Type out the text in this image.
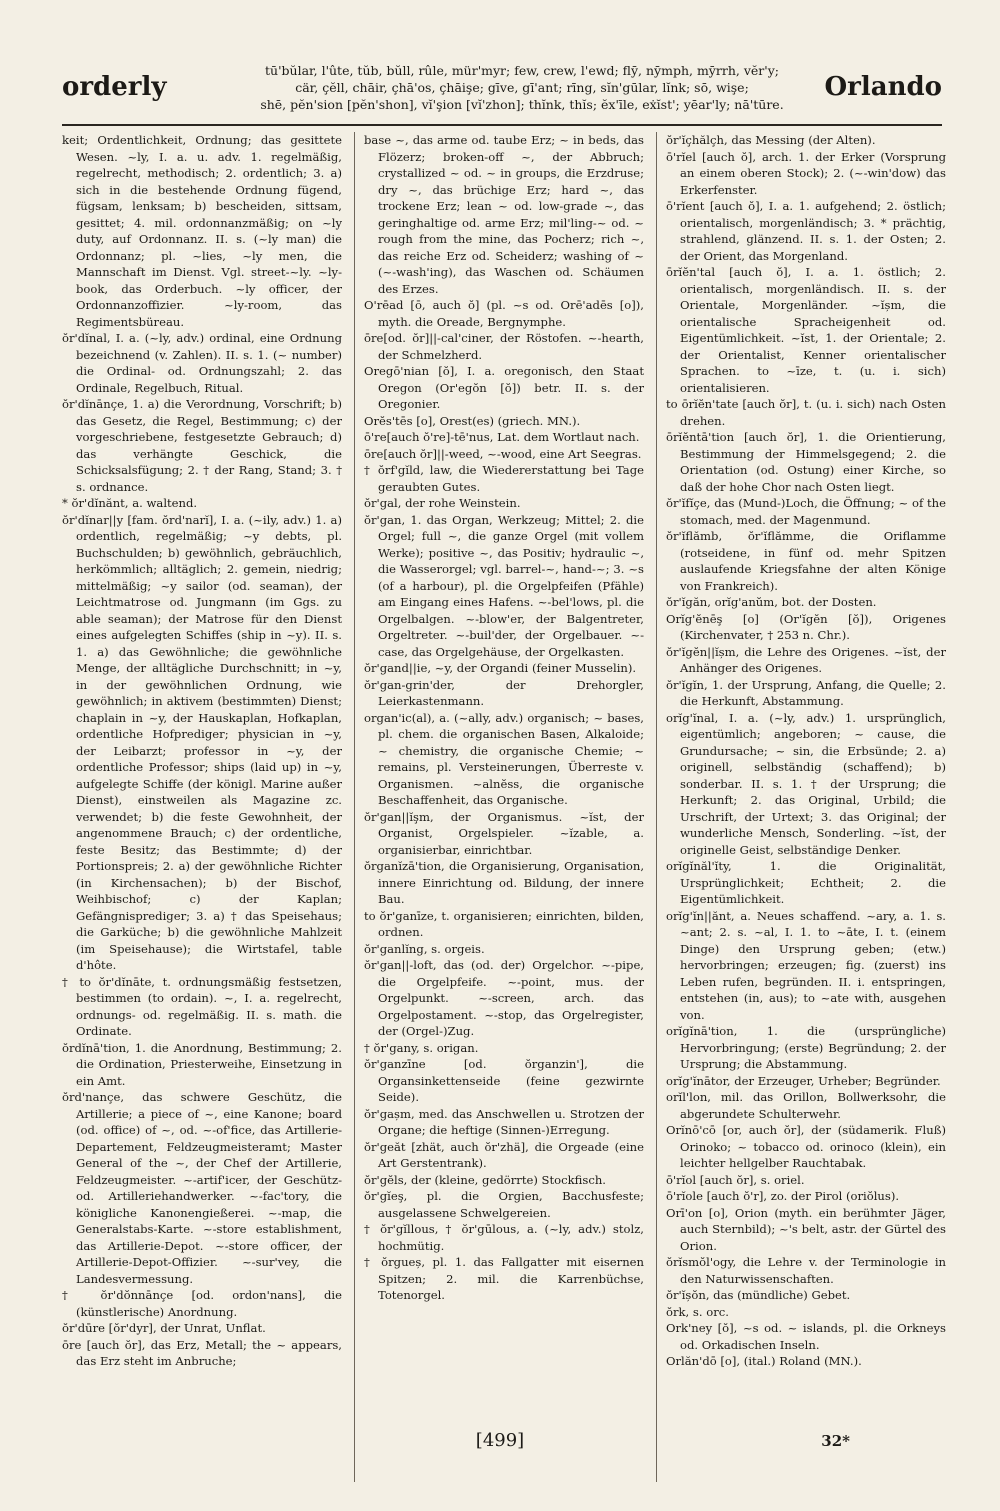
orderly
tū'bŭlar, l'ûte, tŭb, bŭll, rûle, mür'myr; few, crew, l'ewd; flȳ, nȳmph, mȳrrh, vĕr'y;
cär, çĕll, chāir, çhā'os, çhāişe; gīve, gī'ant; rīng, sĭn'gūlar, lĭnk; sō, wişe;
shē, pĕn'sion [pĕn'shon], vĭ'şion [vĭ'zhon]; thĭnk, thĭs; ĕx'īle, eẋĭst'; yēar'ly; nā'tūre.
Orlando

keit; Ordentlichkeit, Ordnung; das gesittete Wesen. ~ly, I. a. u. adv. 1. regelmäßig, regelrecht, methodisch; 2. ordentlich; 3. a) sich in die bestehende Ordnung fügend, fügsam, lenksam; b) bescheiden, sittsam, gesittet; 4. mil. ordonnanzmäßig; on ~ly duty, auf Ordonnanz. II. s. (~ly man) die Ordonnanz; pl. ~lies, ~ly men, die Mannschaft im Dienst. Vgl. street-~ly. ~ly-book, das Orderbuch. ~ly officer, der Ordonnanzoffizier. ~ly-room, das Regimentsbüreau.

ŏr'dĭnal, I. a. (~ly, adv.) ordinal, eine Ordnung bezeichnend (v. Zahlen). II. s. 1. (~ number) die Ordinal- od. Ordnungszahl; 2. das Ordinale, Regelbuch, Ritual.

ŏr'dĭnānçe, 1. a) die Verordnung, Vorschrift; b) das Gesetz, die Regel, Bestimmung; c) der vorgeschriebene, festgesetzte Gebrauch; d) das verhängte Geschick, die Schicksalsfügung; 2. † der Rang, Stand; 3. † s. ordnance.

* ŏr'dĭnănt, a. waltend.

ŏr'dĭnar||y [fam. ŏrd'narĭ], I. a. (~ily, adv.) 1. a) ordentlich, regelmäßig; ~y debts, pl. Buchschulden; b) gewöhnlich, gebräuchlich, herkömmlich; alltäglich; 2. gemein, niedrig; mittelmäßig; ~y sailor (od. seaman), der Leichtmatrose od. Jungmann (im Ggs. zu able seaman); der Matrose für den Dienst eines aufgelegten Schiffes (ship in ~y). II. s. 1. a) das Gewöhnliche; die gewöhnliche Menge, der alltägliche Durchschnitt; in ~y, in der gewöhnlichen Ordnung, wie gewöhnlich; in aktivem (bestimmten) Dienst; chaplain in ~y, der Hauskaplan, Hofkaplan, ordentliche Hofprediger; physician in ~y, der Leibarzt; professor in ~y, der ordentliche Professor; ships (laid up) in ~y, aufgelegte Schiffe (der königl. Marine außer Dienst), einstweilen als Magazine zc. verwendet; b) die feste Gewohnheit, der angenommene Brauch; c) der ordentliche, feste Besitz; das Bestimmte; d) der Portionspreis; 2. a) der gewöhnliche Richter (in Kirchensachen); b) der Bischof, Weihbischof; c) der Kaplan; Gefängnisprediger; 3. a) † das Speisehaus; die Garküche; b) die gewöhnliche Mahlzeit (im Speisehause); die Wirtstafel, table d'hôte.

† to ŏr'dĭnāte, t. ordnungsmäßig festsetzen, bestimmen (to ordain). ~, I. a. regelrecht, ordnungs- od. regelmäßig. II. s. math. die Ordinate.

ŏrdĭnā'tion, 1. die Anordnung, Bestimmung; 2. die Ordination, Priesterweihe, Einsetzung in ein Amt.

ŏrd'nançe, das schwere Geschütz, die Artillerie; a piece of ~, eine Kanone; board (od. office) of ~, od. ~-of'fice, das Artillerie-Departement, Feldzeugmeisteramt; Master General of the ~, der Chef der Artillerie, Feldzeugmeister. ~-artif'icer, der Geschütz- od. Artilleriehandwerker. ~-fac'tory, die königliche Kanonengießerei. ~-map, die Generalstabs-Karte. ~-store establishment, das Artillerie-Depot. ~-store officer, der Artillerie-Depot-Offizier. ~-sur'vey, die Landesvermessung.

† ŏr'dŏnnānçe [od. ordon'nans], die (künstlerische) Anordnung.

ŏr'dūre [ŏr'dyr], der Unrat, Unflat.

ōre [auch ŏr], das Erz, Metall; the ~ appears, das Erz steht im Anbruche;

base ~, das arme od. taube Erz; ~ in beds, das Flözerz; broken-off ~, der Abbruch; crystallized ~ od. ~ in groups, die Erzdruse; dry ~, das brüchige Erz; hard ~, das trockene Erz; lean ~ od. low-grade ~, das geringhaltige od. arme Erz; mil'ling-~ od. ~ rough from the mine, das Pocherz; rich ~, das reiche Erz od. Scheiderz; washing of ~ (~-wash'ing), das Waschen od. Schäumen des Erzes.

O'rēad [ō, auch ŏ] (pl. ~s od. Orē'adēs [o]), myth. die Oreade, Bergnymphe.

ōre[od. ŏr]||-cal'ciner, der Röstofen. ~-hearth, der Schmelzherd.

Oregō'nian [ŏ], I. a. oregonisch, den Staat Oregon (Or'egŏn [ŏ]) betr. II. s. der Oregonier.

Orĕs'tēs [o], Orest(es) (griech. MN.).

ō're[auch ŏ're]-tē'nus, Lat. dem Wortlaut nach.

ōre[auch ŏr]||-weed, ~-wood, eine Art Seegras.

† ŏrf'gĭld, law, die Wiedererstattung bei Tage geraubten Gutes.

ŏr'gal, der rohe Weinstein.

ŏr'gan, 1. das Organ, Werkzeug; Mittel; 2. die Orgel; full ~, die ganze Orgel (mit vollem Werke); positive ~, das Positiv; hydraulic ~, die Wasserorgel; vgl. barrel-~, hand-~; 3. ~s (of a harbour), pl. die Orgelpfeifen (Pfähle) am Eingang eines Hafens. ~-bel'lows, pl. die Orgelbalgen. ~-blow'er, der Balgentreter, Orgeltreter. ~-buil'der, der Orgelbauer. ~-case, das Orgelgehäuse, der Orgelkasten.

ŏr'gand||ie, ~y, der Organdi (feiner Musselin).

ŏr'gan-grin'der, der Drehorgler, Leierkastenmann.

organ'ic(al), a. (~ally, adv.) organisch; ~ bases, pl. chem. die organischen Basen, Alkaloide; ~ chemistry, die organische Chemie; ~ remains, pl. Versteinerungen, Überreste v. Organismen. ~alnĕss, die organische Beschaffenheit, das Organische.

ŏr'gan||ĭşm, der Organismus. ~ĭst, der Organist, Orgelspieler. ~ĭzable, a. organisierbar, einrichtbar.

ŏrganĭzā'tion, die Organisierung, Organisation, innere Einrichtung od. Bildung, der innere Bau.

to ŏr'ganīze, t. organisieren; einrichten, bilden, ordnen.

ŏr'ganlĭng, s. orgeis.

ŏr'gan||-loft, das (od. der) Orgelchor. ~-pipe, die Orgelpfeife. ~-point, mus. der Orgelpunkt. ~-screen, arch. das Orgelpostament. ~-stop, das Orgelregister, der (Orgel-)Zug.

† ŏr'gany, s. origan.

ŏr'ganzīne [od. ŏrganzin'], die Organsinkettenseide (feine gezwirnte Seide).

ŏr'gașm, med. das Anschwellen u. Strotzen der Organe; die heftige (Sinnen-)Erregung.

ŏr'geăt [zhät, auch ŏr'zhä], die Orgeade (eine Art Gerstentrank).

ŏr'gĕls, der (kleine, gedörrte) Stockfisch.

ŏr'gĭeş, pl. die Orgien, Bacchusfeste; ausgelassene Schwelgereien.

† ŏr'gĭllous, † ŏr'gūlous, a. (~ly, adv.) stolz, hochmütig.

† ŏrgueș, pl. 1. das Fallgatter mit eisernen Spitzen; 2. mil. die Karrenbüchse, Totenorgel.

ŏr'ĭçhălçh, das Messing (der Alten).

ō'rĭel [auch ŏ], arch. 1. der Erker (Vorsprung an einem oberen Stock); 2. (~-win'dow) das Erkerfenster.

ō'rĭent [auch ŏ], I. a. 1. aufgehend; 2. östlich; orientalisch, morgenländisch; 3. * prächtig, strahlend, glänzend. II. s. 1. der Osten; 2. der Orient, das Morgenland.

ōrĭĕn'tal [auch ŏ], I. a. 1. östlich; 2. orientalisch, morgenländisch. II. s. der Orientale, Morgenländer. ~ĭșm, die orientalische Spracheigenheit od. Eigentümlichkeit. ~ĭst, 1. der Orientale; 2. der Orientalist, Kenner orientalischer Sprachen. to ~īze, t. (u. i. sich) orientalisieren.

to ōrĭĕn'tate [auch ŏr], t. (u. i. sich) nach Osten drehen.

ōrĭĕntā'tion [auch ŏr], 1. die Orientierung, Bestimmung der Himmelsgegend; 2. die Orientation (od. Ostung) einer Kirche, so daß der hohe Chor nach Osten liegt.

ŏr'ĭfĭçe, das (Mund-)Loch, die Öffnung; ~ of the stomach, med. der Magenmund.

ŏr'ĭflămb, ŏr'ĭflămme, die Oriflamme (rotseidene, in fünf od. mehr Spitzen auslaufende Kriegsfahne der alten Könige von Frankreich).

ŏr'ĭgăn, orĭg'anŭm, bot. der Dosten.

Orĭg'ĕnēş [o] (Or'ĭgĕn [ŏ]), Origenes (Kirchenvater, † 253 n. Chr.).

ŏr'ĭgĕn||ĭșm, die Lehre des Origenes. ~ĭst, der Anhänger des Origenes.

ŏr'ĭgĭn, 1. der Ursprung, Anfang, die Quelle; 2. die Herkunft, Abstammung.

orĭg'ĭnal, I. a. (~ly, adv.) 1. ursprünglich, eigentümlich; angeboren; ~ cause, die Grundursache; ~ sin, die Erbsünde; 2. a) originell, selbständig (schaffend); b) sonderbar. II. s. 1. † der Ursprung; die Herkunft; 2. das Original, Urbild; die Urschrift, der Urtext; 3. das Original; der wunderliche Mensch, Sonderling. ~ĭst, der originelle Geist, selbständige Denker.

orĭgĭnăl'ĭty, 1. die Originalität, Ursprünglichkeit; Echtheit; 2. die Eigentümlichkeit.

orĭg'ĭn||ănt, a. Neues schaffend. ~ary, a. 1. s. ~ant; 2. s. ~al, I. 1. to ~āte, I. t. (einem Dinge) den Ursprung geben; (etw.) hervorbringen; erzeugen; fig. (zuerst) ins Leben rufen, begründen. II. i. entspringen, entstehen (in, aus); to ~ate with, ausgehen von.

orĭgĭnā'tion, 1. die (ursprüngliche) Hervorbringung; (erste) Begründung; 2. der Ursprung; die Abstammung.

orĭg'ĭnātor, der Erzeuger, Urheber; Begründer.

orĭl'lon, mil. das Orillon, Bollwerksohr, die abgerundete Schulterwehr.

Orĭnō'cō [or, auch ŏr], der (südamerik. Fluß) Orinoko; ~ tobacco od. orinoco (klein), ein leichter hellgelber Rauchtabak.

ō'rĭol [auch ŏr], s. oriel.

ō'rĭole [auch ŏ'r], zo. der Pirol (oriŏlus).

Orī'on [o], Orion (myth. ein berühmter Jäger, auch Sternbild); ~'s belt, astr. der Gürtel des Orion.

ŏrĭsmŏl'ogy, die Lehre v. der Terminologie in den Naturwissenschaften.

ŏr'ĭșŏn, das (mündliche) Gebet.

ŏrk, s. orc.

Ork'ney [ŏ], ~s od. ~ islands, pl. die Orkneys od. Orkadischen Inseln.

Orlăn'dō [o], (ital.) Roland (MN.).

[499]	32*
